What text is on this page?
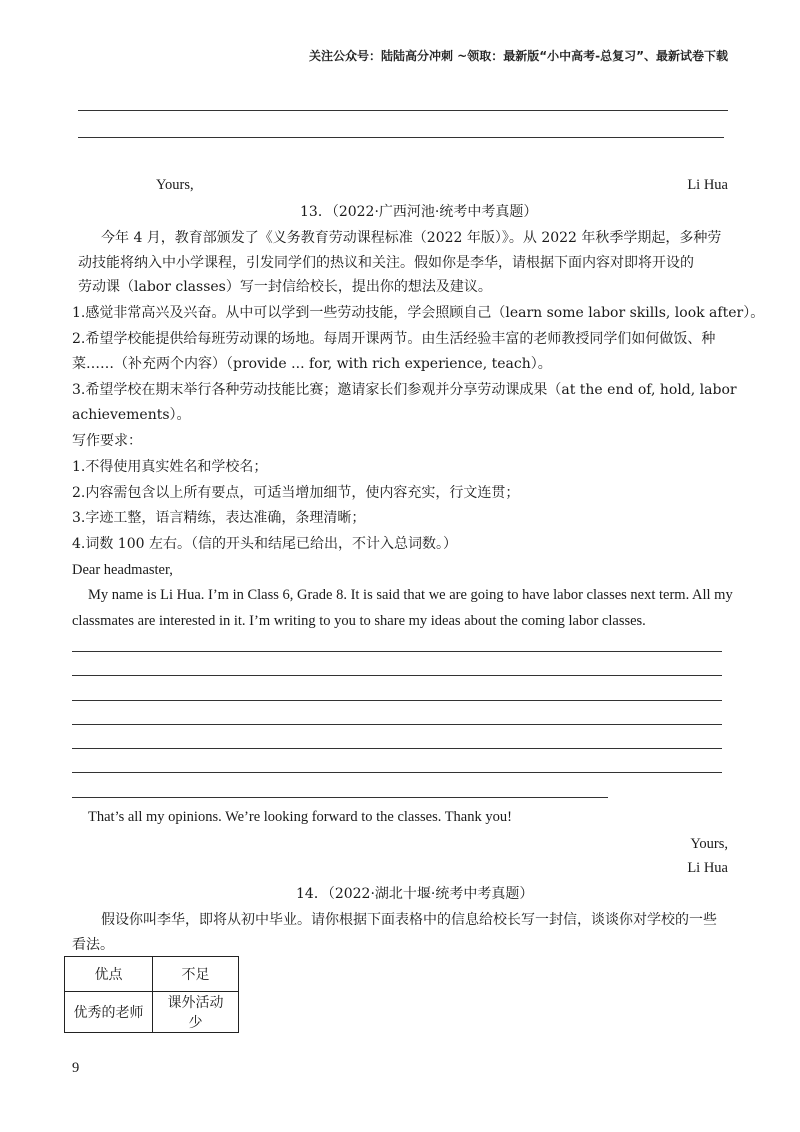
关注公众号：陆陆高分冲刺 ~领取：最新版“小中高考-总复习”、最新试卷下载
Yours,	Li Hua
13．（2022·广西河池·统考中考真题）
今年 4 月，教育部颁发了《义务教育劳动课程标准（2022 年版）》。从 2022 年秋季学期起，多种劳
动技能将纳入中小学课程，引发同学们的热议和关注。假如你是李华，请根据下面内容对即将开设的
劳动课（labor classes）写一封信给校长，提出你的想法及建议。
1.感觉非常高兴及兴奋。从中可以学到一些劳动技能，学会照顾自己（learn some labor skills, look after）。
2.希望学校能提供给每班劳动课的场地。每周开课两节。由生活经验丰富的老师教授同学们如何做饭、种
菜……（补充两个内容）（provide ... for, with rich experience, teach）。
3.希望学校在期末举行各种劳动技能比赛；邀请家长们参观并分享劳动课成果（at the end of, hold, labor
achievements）。
写作要求：
1.不得使用真实姓名和学校名；
2.内容需包含以上所有要点，可适当增加细节，使内容充实，行文连贯；
3.字迹工整，语言精练，表达准确，条理清晰；
4.词数 100 左右。（信的开头和结尾已给出，不计入总词数。）
Dear headmaster,
My name is Li Hua. I’m in Class 6, Grade 8. It is said that we are going to have labor classes next term. All my
classmates are interested in it. I’m writing to you to share my ideas about the coming labor classes.
That’s all my opinions. We’re looking forward to the classes. Thank you!
Yours,
Li Hua
14．（2022·湖北十堰·统考中考真题）
假设你叫李华，即将从初中毕业。请你根据下面表格中的信息给校长写一封信，谈谈你对学校的一些
看法。
优点	不足
优秀的老师	课外活动少
9
